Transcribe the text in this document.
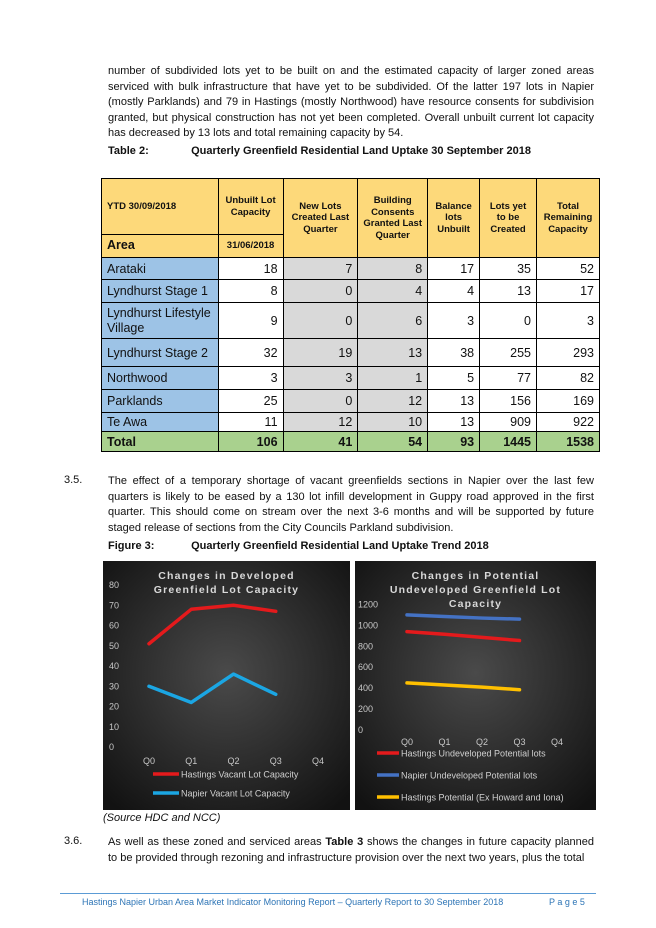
number of subdivided lots yet to be built on and the estimated capacity of larger zoned areas serviced with bulk infrastructure that have yet to be subdivided. Of the latter 197 lots in Napier (mostly Parklands) and 79 in Hastings (mostly Northwood) have resource consents for subdivision granted, but physical construction has not yet been completed. Overall unbuilt current lot capacity has decreased by 13 lots and total remaining capacity by 54.

Table 2:	Quarterly Greenfield Residential Land Uptake 30 September 2018
YTD 30/09/2018	Unbuilt Lot Capacity	New Lots Created Last Quarter	Building Consents Granted Last Quarter	Balance lots Unbuilt	Lots yet to be Created	Total Remaining Capacity
Area	31/06/2018					
Arataki	18	7	8	17	35	52
Lyndhurst Stage 1	8	0	4	4	13	17
Lyndhurst Lifestyle Village	9	0	6	3	0	3
Lyndhurst Stage 2	32	19	13	38	255	293
Northwood	3	3	1	5	77	82
Parklands	25	0	12	13	156	169
Te Awa	11	12	10	13	909	922
Total	106	41	54	93	1445	1538
3.5. The effect of a temporary shortage of vacant greenfields sections in Napier over the last few quarters is likely to be eased by a 130 lot infill development in Guppy road approved in the first quarter. This should come on stream over the next 3-6 months and will be supported by future staged release of sections from the City Councils Parkland subdivision.

Figure 3:	Quarterly Greenfield Residential Land Uptake Trend 2018
Changes in Developed
Greenfield Lot Capacity
0
10
20
30
40
50
60
70
80
Q0	Q1	Q2	Q3	Q4
Hastings Vacant Lot Capacity
Napier Vacant Lot Capacity
Changes in Potential
Undeveloped Greenfield Lot
Capacity
0
200
400
600
800
1000
1200
Q0	Q1	Q2	Q3	Q4
Hastings Undeveloped Potential lots
Napier Undeveloped Potential lots
Hastings Potential (Ex Howard and Iona)
(Source HDC and NCC)
3.6. As well as these zoned and serviced areas Table 3 shows the changes in future capacity planned to be provided through rezoning and infrastructure provision over the next two years, plus the total

Hastings Napier Urban Area Market Indicator Monitoring Report – Quarterly Report to 30 September 2018	P a g e 5
